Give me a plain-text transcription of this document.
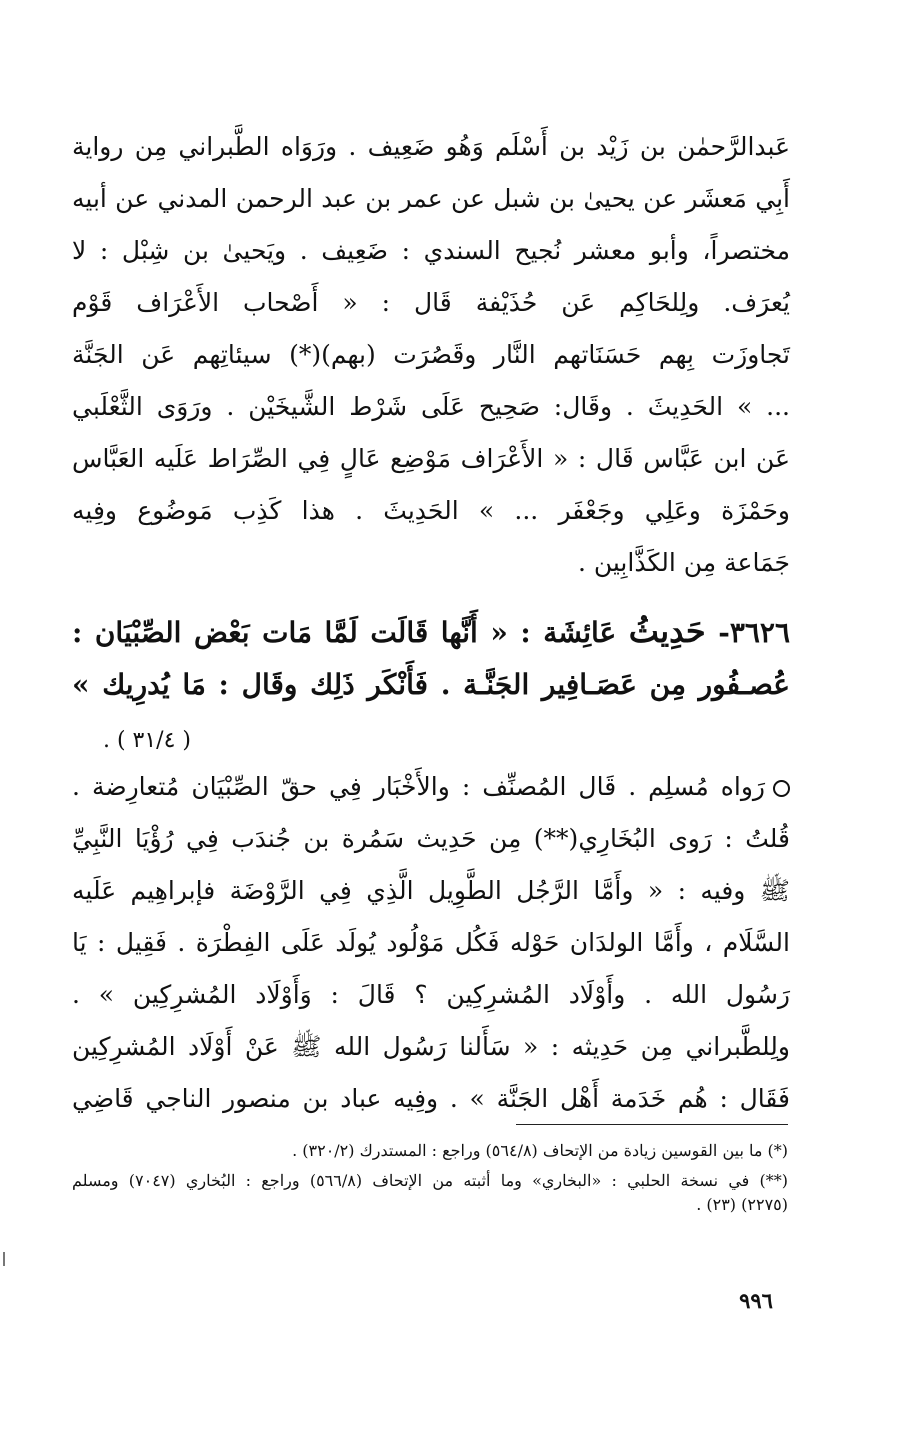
عَبدالرَّحمٰن بن زَيْد بن أَسْلَم وَهُو ضَعِيف . ورَوَاه الطَّبراني مِن رواية
أَبِي مَعشَر عن يحيىٰ بن شبل عن عمر بن عبد الرحمن المدني عن أبيه
مختصراً، وأبو معشر نُجيح السندي : ضَعِيف . ويَحيىٰ بن شِبْل : لا
يُعرَف. ولِلحَاكِم عَن حُذَيْفة قَال : « أَصْحاب الأَعْرَاف قَوْم
تَجاوزَت بِهم حَسَنَاتهم النَّار وقَصُرَت (بهم)(*) سيئاتِهم عَن الجَنَّة
... » الحَدِيثَ . وقَال: صَحِيح عَلَى شَرْط الشَّيخَيْن . ورَوَى الثَّعْلَبي
عَن ابن عَبَّاس قَال : « الأَعْرَاف مَوْضِع عَالٍ فِي الصِّرَاط عَلَيه العَبَّاس
وحَمْزَة وعَلِي وجَعْفَر ... » الحَدِيثَ . هذا كَذِب مَوضُوع وفِيه
جَمَاعة مِن الكَذَّابِين .
٣٦٢٦- حَدِيثُ عَائِشَة : « أَنَّها قَالَت لَمَّا مَات بَعْض الصِّبْيَان :
عُصـفُور مِن عَصَـافِير الجَنَّـة . فَأَنْكَر ذَلِك وقَال : مَا يُدرِيك »
( ٣١/٤ ) .
رَواه مُسلِم . قَال المُصنِّف : والأَخْبَار فِي حقّ الصِّبْيَان مُتعارِضة .
قُلتُ : رَوى البُخَارِي(**) مِن حَدِيث سَمُرة بن جُندَب فِي رُؤْيَا النَّبِيِّ
ﷺ وفيه : « وأَمَّا الرَّجُل الطَّوِيل الَّذِي فِي الرَّوْضَة فإبراهِيم عَلَيه
السَّلَام ، وأَمَّا الولدَان حَوْله فَكُل مَوْلُود يُولَد عَلَى الفِطْرَة . فَقِيل : يَا
رَسُول الله . وأَوْلَاد المُشرِكِين ؟ قَالَ : وَأَوْلَاد المُشرِكِين » .
ولِلطَّبراني مِن حَدِيثه : « سَأَلنا رَسُول الله ﷺ عَنْ أَوْلَاد المُشرِكِين
فَقَال : هُم خَدَمة أَهْل الجَنَّة » . وفِيه عباد بن منصور الناجي قَاضِي
(*) ما بين القوسين زيادة من الإتحاف (٥٦٤/٨) وراجع : المستدرك (٣٢٠/٢) .
(**) في نسخة الحلبي : «البخاري» وما أثبته من الإتحاف (٥٦٦/٨) وراجع : البُخاري (٧٠٤٧) ومسلم
(٢٢٧٥) (٢٣) .
٩٩٦
